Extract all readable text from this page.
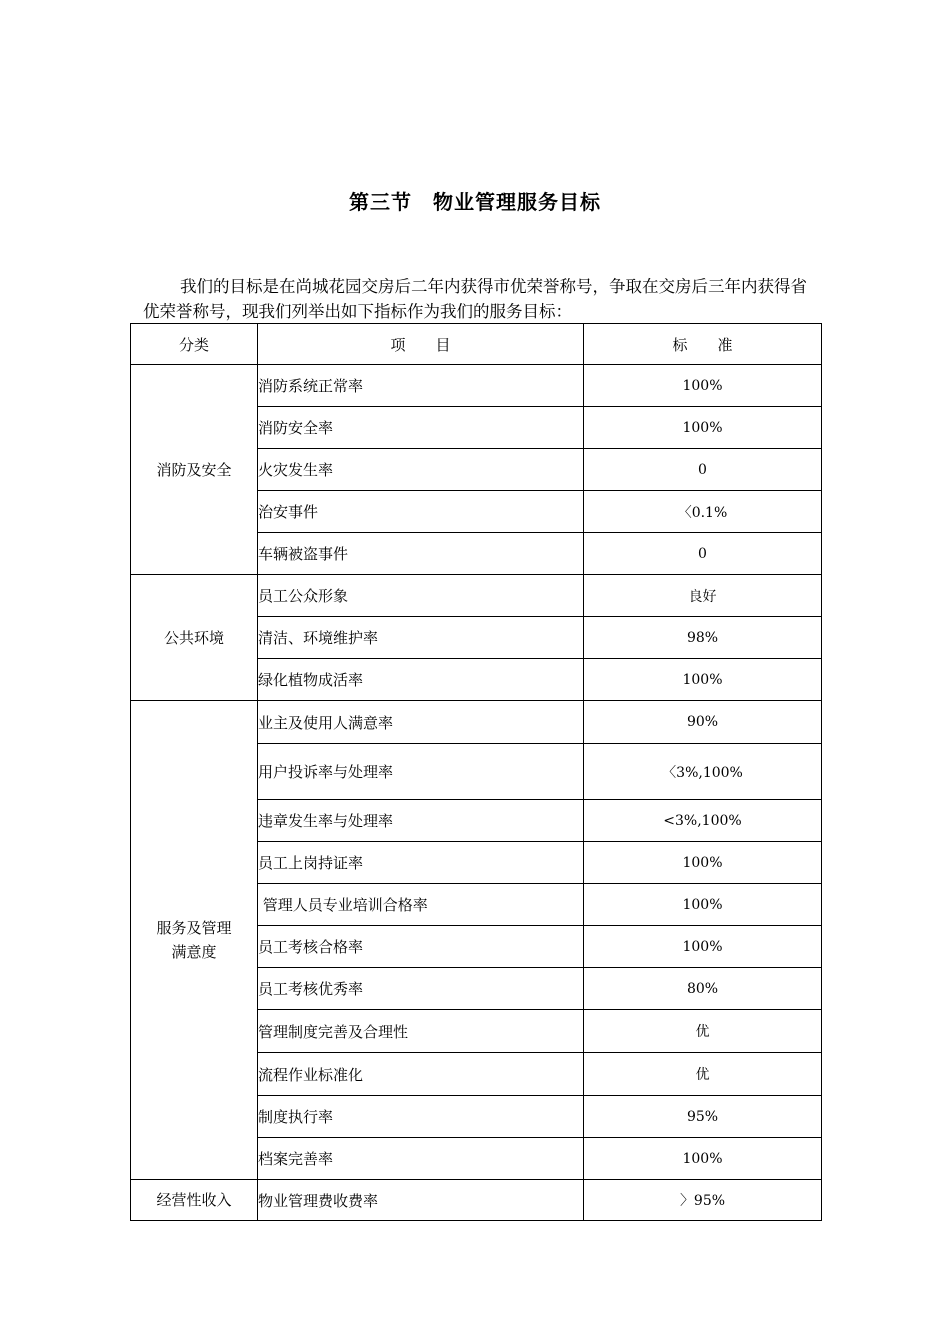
第三节　物业管理服务目标

我们的目标是在尚城花园交房后二年内获得市优荣誉称号，争取在交房后三年内获得省优荣誉称号，现我们列举出如下指标作为我们的服务目标：

分类	项　　目	标　　准
消防及安全	消防系统正常率	100%
	消防安全率	100%
	火灾发生率	0
	治安事件	〈0.1%
	车辆被盗事件	0
公共环境	员工公众形象	良好
	清洁、环境维护率	98%
	绿化植物成活率	100%
服务及管理
满意度	业主及使用人满意率	90%
	用户投诉率与处理率	〈3%,100%
	违章发生率与处理率	<3%,100%
	员工上岗持证率	100%
	管理人员专业培训合格率	100%
	员工考核合格率	100%
	员工考核优秀率	80%
	管理制度完善及合理性	优
	流程作业标准化	优
	制度执行率	95%
	档案完善率	100%
经营性收入	物业管理费收费率	〉95%
